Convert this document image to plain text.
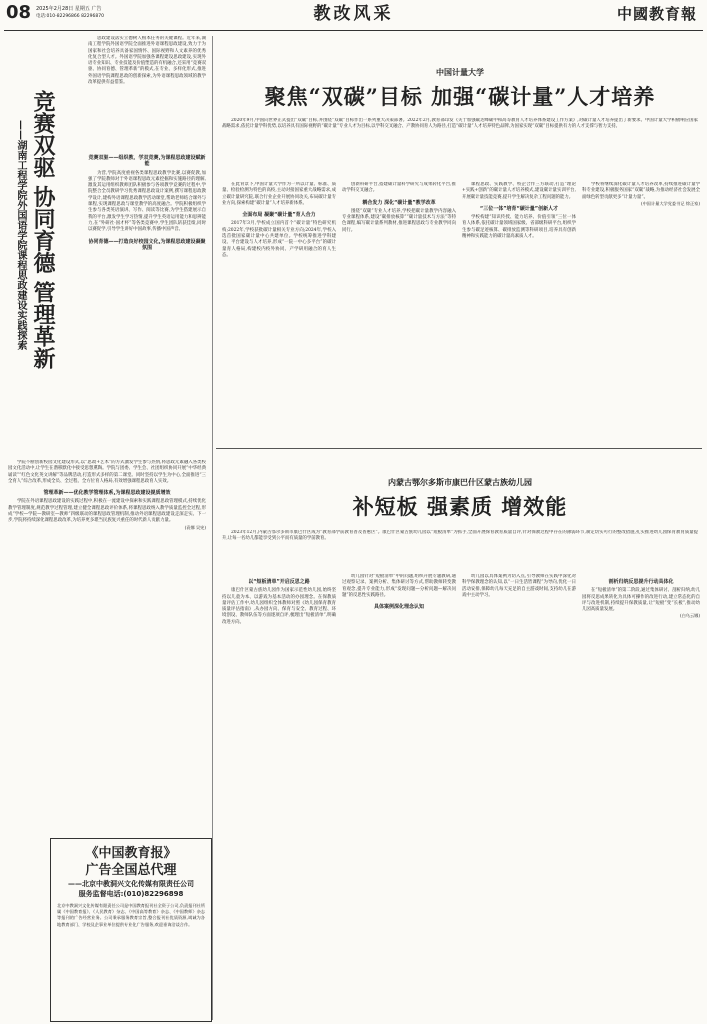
08 2025年2月28日 星期五 广告
电话:010-82296866 82296870	教改风采	中國教育報
竞赛双驱 协同育德 管理革新
——湖南工程学院外国语学院课程思政建设实践探索

思政建设落实立德树人根本任务的关键课程。近年来,湖南工程学院外国语学院全面推进外语课程思政建设,致力于为国家和社会培养具备家国情怀、国际视野和人文素养的优秀化复合型人才。外国语学院加强各课程建设思政建设,实现外语专业知识、专业技能及价值塑造的有机融合,还采用“竞赛双驱、协同育德、管理革新”的模式,在专业、多样化形式,推进外国语学院课程思政的创新探索,为外语课程思政领域的教学改革提供有益借鉴。

竞赛双驱——组织教、学双竞赛,为课程思政建设赋新能

为营,学院高度重视各类课程思政教学比赛,以赛促教,加强了学院教师对于外语课程思政元素挖掘和实施路径的理解,激发其运用组织教师团队积极参与各项教学竞赛的过程中,学院整合全员教研学习优秀课程思政设计案例,撰写课程思政教学设计,建构外语课程思政教学活动课堂,帮助老师结合课外与课程,实现课程思政与课堂教学的高度融合。学院积极组织学生参与各类英语演讲、写作、阅读等比赛,为学生搭建展示自我的平台,激发学生学习热情,提升学生英语运用能力和思辨能力,在“外研社·国才杯”等各类竞赛中,学生团队斩获佳绩,同时以赛促学,引导学生讲好中国故事,传播中国声音。

协同育德——打造良好校园文化,为课程思政建设凝聚氛围

学院不断创新校园文化建设形式,以“思政+艺术”的方式激发学生参与热情,将思政元素融入各类校园文化活动中,让学生在潜移默化中接受思想熏陶。学院与团委、学生会、社团组织协同开展“中华经典诵读”“红色文化英文讲解”等品牌活动,打造形式多样的第二课堂。同时坚持以学生为中心,全面推进“三全育人”综合改革,形成全员、全过程、全方位育人格局,有效增强课程思政育人实效。

管理革新——优化教学管理体系,为课程思政建设提质增效

学院在外语课程思政建设的实践过程中,积极在一流建设中探索和实践课程思政管理模式,持续优化教学管理制度,规范教学过程管理,建立健全课程思政评价体系,将课程思政纳入教学质量监控全过程,形成“学校—学院—教研室—教师”四级联动的课程思政管理机制,推动外语课程思政建设走深走实。下一步,学院将持续深化课程思政改革,为培养更多堪当民族复兴重任的时代新人贡献力量。

(袁娜 吴宪)
《中国教育报》
广告全国总代理
——北京中教洞兴文化传媒有限责任公司
服务监督电话:(010)82296898
北京中教洞兴文化传媒有限责任公司是中国教育报刊社全资子公司,负责报刊社所属《中国教育报》、《人民教育》杂志、《中国高等教育》杂志、《中国教师》杂志等报刊的广告经营业务。公司秉承服务教育宗旨,整合报刊社优质资源,竭诚为各地教育部门、学校及企事业单位提供专业化广告服务,欢迎垂询洽谈合作。
中国计量大学
聚焦“双碳”目标 加强“碳计量”人才培养

2020年9月,中国向世界正式提出“双碳”目标,并围绕“双碳”目标作出一系列重大决策部署。2022年2月,教育部印发《关于加强碳达峰碳中和高等教育人才培养体系建设工作方案》,对碳计量人才培养提出了新要求。中国计量大学积极响应国家战略需求,依托计量学科优势,以培养具有国际视野的“碳计量”专业人才为目标,以学科交叉融合、产教协同育人为路径,打造“碳计量”人才培养特色品牌,为国家实现“双碳”目标提供有力的人才支撑与智力支持。

在此背景下,中国计量大学作为一所以计量、标准、质量、检验检测为特色的高校,主动对接国家重大战略需求,成立碳计量研究院,联合行业企业开展协同攻关,布局碳计量专业方向,探索构建“碳计量”人才培养新体系。

全面布局 凝聚“碳计量”育人合力

2017年3月,学校成立国内首个“碳计量”特色研究机构;2022年,学校获批碳计量相关专业方向;2024年,学校入选首批国家碳计量中心共建单位。学校统筹推进学科建设、平台建设与人才培养,形成“一院一中心多平台”的碳计量育人格局,构建校内校外协同、产学研用融合的育人生态。

创新科研平台,搭建碳计量科学研究与成果转化平台,推动学科交叉融合。

耦合发力 深化“碳计量”教学改革

围绕“双碳”专业人才培养,学校把碳计量教学内容融入专业课程体系,建设“碳排放核算”“碳计量技术与方法”等特色课程,编写碳计量系列教材,推进课程思政与专业教学同向同行。

课程思政、实践教学、校企合作三方联动,打造“理论+实践+创新”的碳计量人才培养模式,建设碳计量实训平台,开展碳计量技能竞赛,提升学生解决复杂工程问题的能力。

“三位一体”培育“碳计量”创新人才

学校构建“知识传授、能力培养、价值引领”三位一体育人体系,依托碳计量领域国家级、省部级科研平台,组织学生参与碳足迹核算、碳排放监测等科研项目,培养具有创新精神和实践能力的碳计量高素质人才。

学校将继续深化碳计量人才培养改革,持续推进碳计量学科专业建设,积极服务国家“双碳”战略,为推动经济社会发展全面绿色转型贡献更多“计量力量”。

(中国计量大学党委书记 徐正家)
内蒙古鄂尔多斯市康巴什区蒙古族幼儿园
补短板 强素质 增效能

2023年12月,内蒙古鄂尔多斯市康巴什区成为“教育部学前教育普及普惠区”。康巴什区蒙古族幼儿园以“短板清单”为抓手,全面开展保育教育质量自评,针对保教过程中存在的薄弱环节,制定切实可行的整改措施,扎实推进幼儿园保育教育质量提升,让每一名幼儿都能享受到公平而有质量的学前教育。

以“短板清单”开启反思之路

康巴什区蒙古族幼儿园作为国家示范性幼儿园,始终坚持以儿童为本、以游戏为基本活动的办园理念。在保教质量评估工作中,幼儿园组织全体教师对照《幼儿园保育教育质量评估指南》,从办园方向、保育与安全、教育过程、环境创设、教师队伍等方面逐项自评,梳理出“短板清单”,明确改进方向。

幼儿园针对“短板清单”中的问题,组织开展专题教研,通过观察记录、案例分析、集体研讨等方式,帮助教师转变教育观念,提升专业能力,形成“发现问题—分析问题—解决问题”的反思性实践路径。

具体案例深化理念认知

幼儿园以具体案例为切入点,引导教师在实践中深化对科学保教理念的认知,以“一日生活皆课程”为导向,优化一日活动安排,保障幼儿每天充足的自主游戏时间,支持幼儿在游戏中主动学习。

剖析归纳反思提升行动具体化

在“短板清单”的第二阶段,通过集体研讨、剖析归纳,幼儿园将反思成果转化为具体可操作的改进行动,建立常态化的自评与改进机制,持续提升保教质量,让“短板”变“长板”,推动幼儿园高质量发展。

(白乌云娜)
